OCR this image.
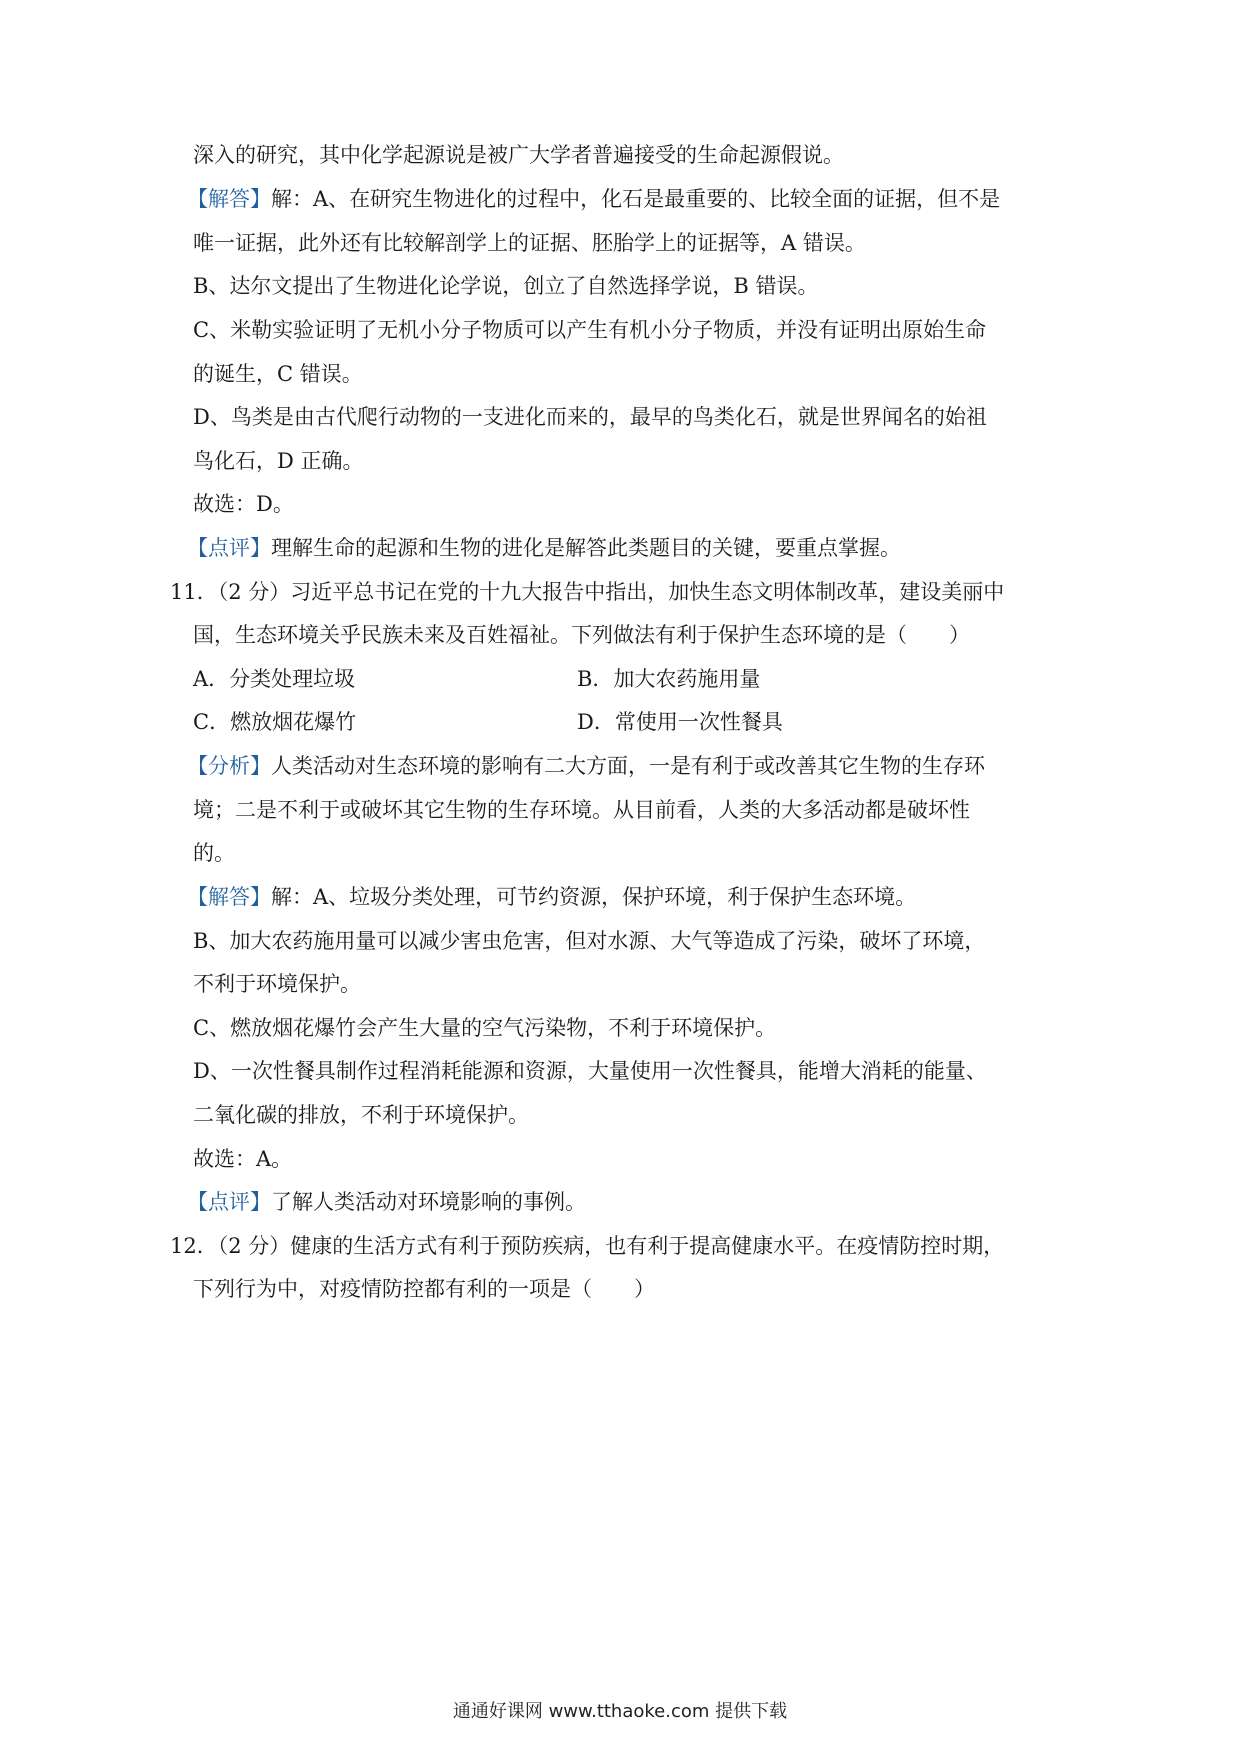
深入的研究，其中化学起源说是被广大学者普遍接受的生命起源假说。
【解答】解：A、在研究生物进化的过程中，化石是最重要的、比较全面的证据，但不是
唯一证据，此外还有比较解剖学上的证据、胚胎学上的证据等，A 错误。
B、达尔文提出了生物进化论学说，创立了自然选择学说，B 错误。
C、米勒实验证明了无机小分子物质可以产生有机小分子物质，并没有证明出原始生命
的诞生，C 错误。
D、鸟类是由古代爬行动物的一支进化而来的，最早的鸟类化石，就是世界闻名的始祖
鸟化石，D 正确。
故选：D。
【点评】理解生命的起源和生物的进化是解答此类题目的关键，要重点掌握。
11．（2 分）习近平总书记在党的十九大报告中指出，加快生态文明体制改革，建设美丽中
国，生态环境关乎民族未来及百姓福祉。下列做法有利于保护生态环境的是（　　）
A．分类处理垃圾	B．加大农药施用量
C．燃放烟花爆竹	D．常使用一次性餐具
【分析】人类活动对生态环境的影响有二大方面，一是有利于或改善其它生物的生存环
境；二是不利于或破坏其它生物的生存环境。从目前看，人类的大多活动都是破坏性
的。
【解答】解：A、垃圾分类处理，可节约资源，保护环境，利于保护生态环境。
B、加大农药施用量可以减少害虫危害，但对水源、大气等造成了污染，破坏了环境，
不利于环境保护。
C、燃放烟花爆竹会产生大量的空气污染物，不利于环境保护。
D、一次性餐具制作过程消耗能源和资源，大量使用一次性餐具，能增大消耗的能量、
二氧化碳的排放，不利于环境保护。
故选：A。
【点评】了解人类活动对环境影响的事例。
12．（2 分）健康的生活方式有利于预防疾病，也有利于提高健康水平。在疫情防控时期，
下列行为中，对疫情防控都有利的一项是（　　）
通通好课网 www.tthaoke.com 提供下载
